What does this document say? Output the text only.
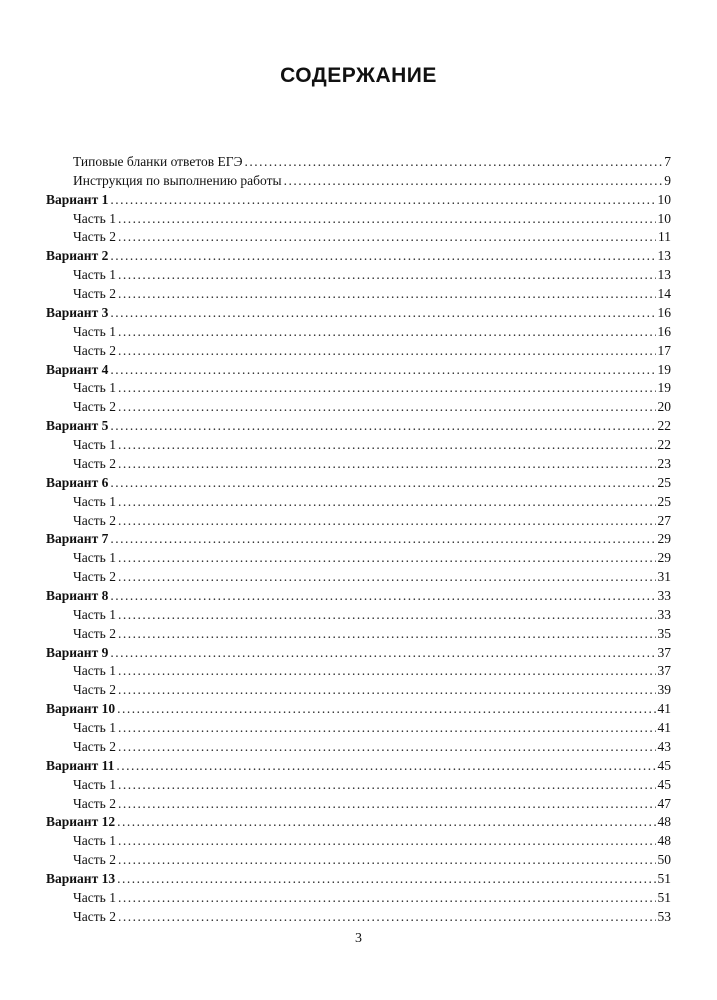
СОДЕРЖАНИЕ
Типовые бланки ответов ЕГЭ .....	7
Инструкция по выполнению работы .....	9
Вариант 1 .....	10
Часть 1 .....	10
Часть 2 .....	11
Вариант 2 .....	13
Часть 1 .....	13
Часть 2 .....	14
Вариант 3 .....	16
Часть 1 .....	16
Часть 2 .....	17
Вариант 4 .....	19
Часть 1 .....	19
Часть 2 .....	20
Вариант 5 .....	22
Часть 1 .....	22
Часть 2 .....	23
Вариант 6 .....	25
Часть 1 .....	25
Часть 2 .....	27
Вариант 7 .....	29
Часть 1 .....	29
Часть 2 .....	31
Вариант 8 .....	33
Часть 1 .....	33
Часть 2 .....	35
Вариант 9 .....	37
Часть 1 .....	37
Часть 2 .....	39
Вариант 10 .....	41
Часть 1 .....	41
Часть 2 .....	43
Вариант 11 .....	45
Часть 1 .....	45
Часть 2 .....	47
Вариант 12 .....	48
Часть 1 .....	48
Часть 2 .....	50
Вариант 13 .....	51
Часть 1 .....	51
Часть 2 .....	53
3
